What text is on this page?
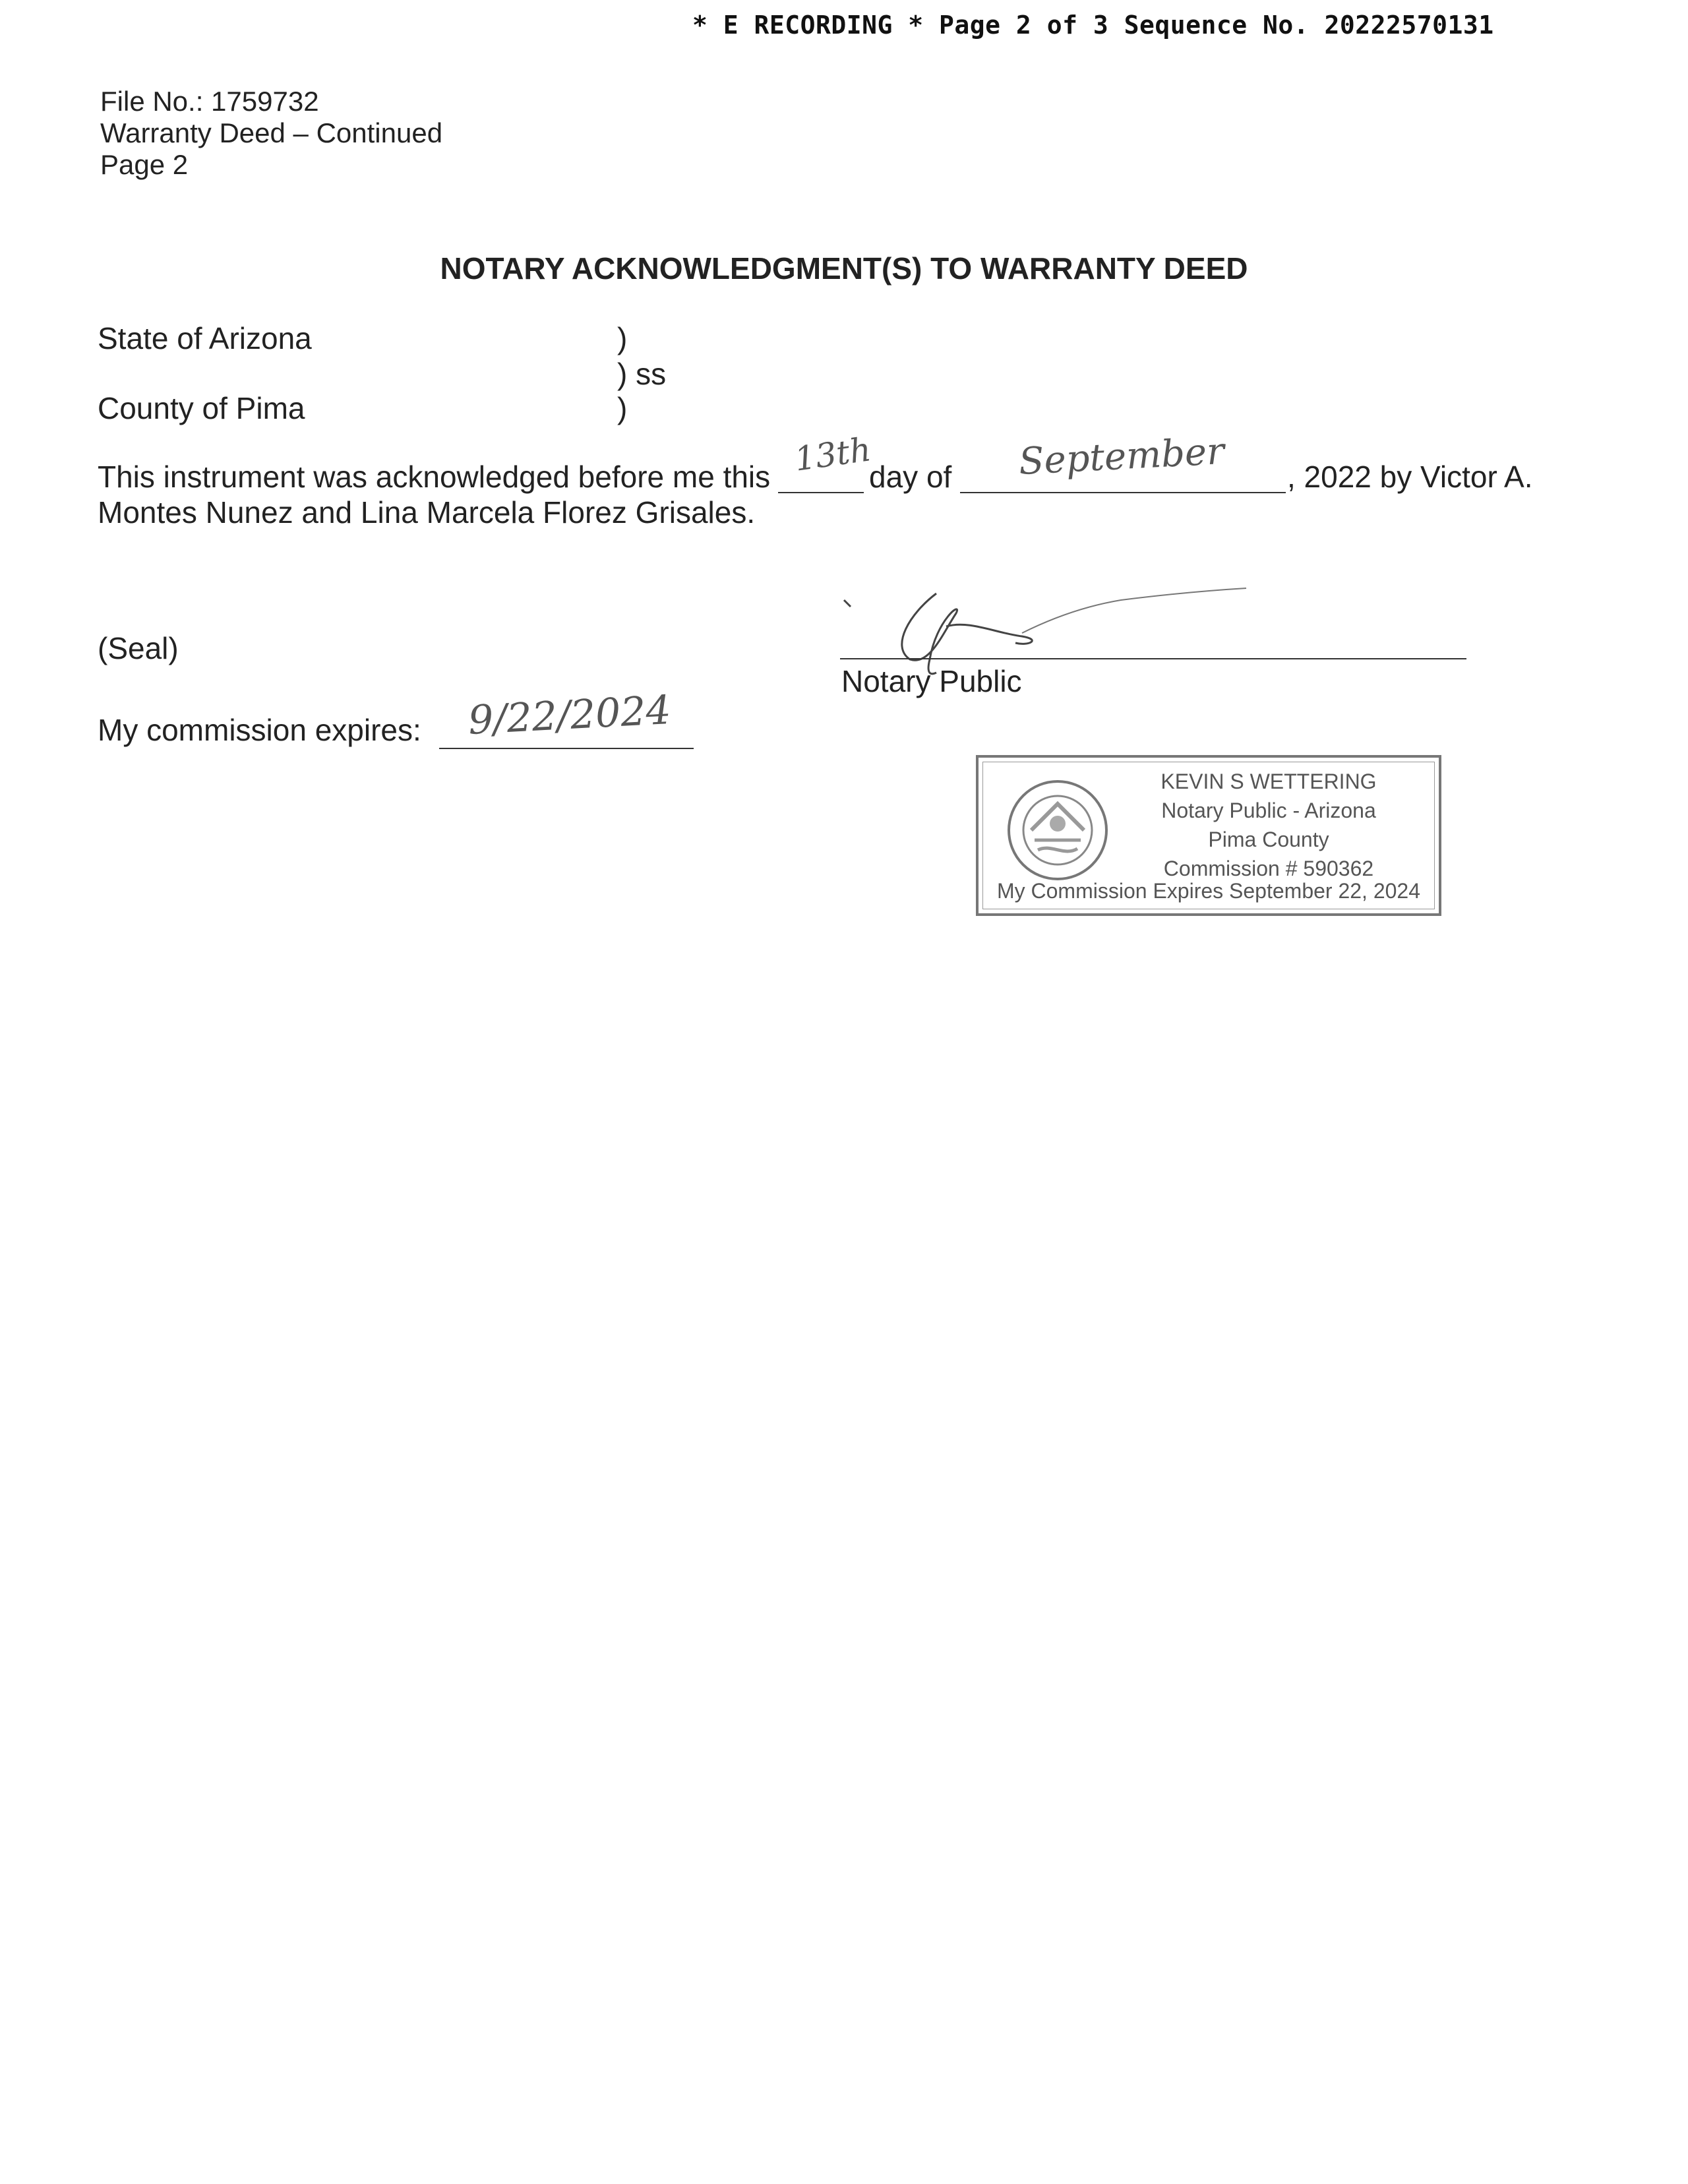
* E RECORDING * Page 2 of 3 Sequence No. 20222570131
File No.: 1759732
Warranty Deed – Continued
Page 2
NOTARY ACKNOWLEDGMENT(S) TO WARRANTY DEED
State of Arizona	)
) ss
County of Pima	)
This instrument was acknowledged before me this 13th
day of September , 2022 by Victor A.
Montes Nunez and Lina Marcela Florez Grisales.
(Seal)
Notary Public
My commission expires: 9/22/2024
KEVIN S WETTERING
Notary Public - Arizona
Pima County
Commission # 590362
My Commission Expires September 22, 2024
